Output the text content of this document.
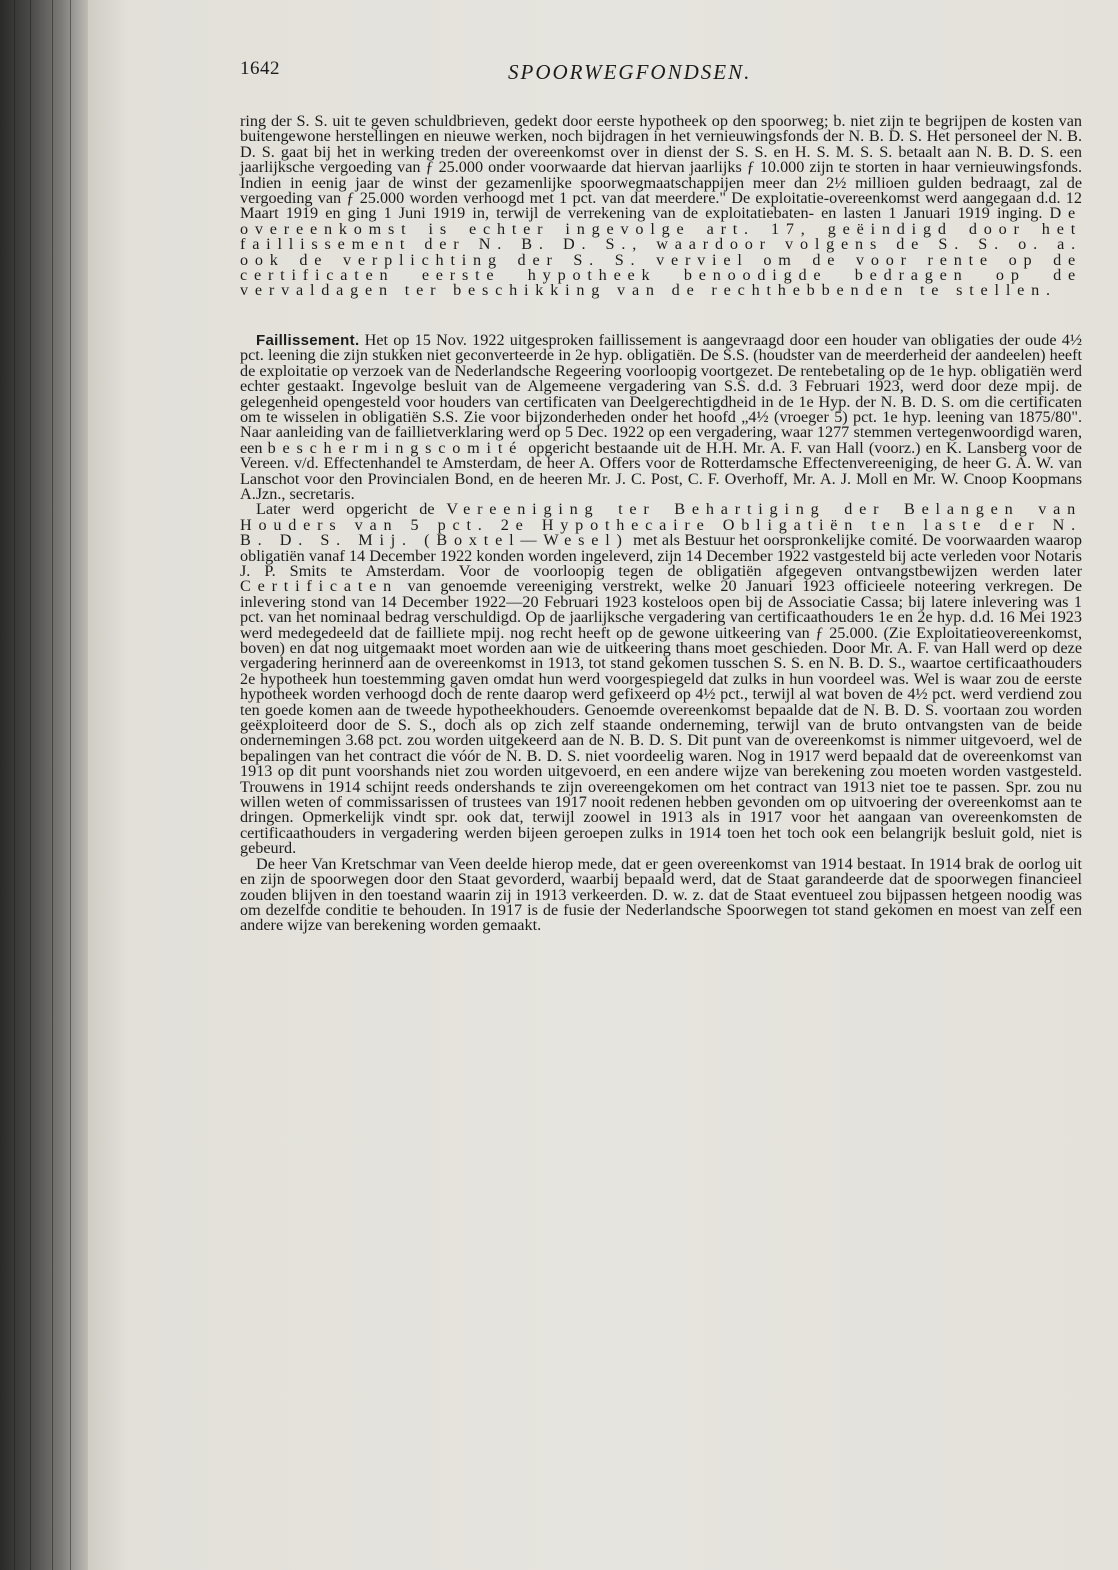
1642	SPOORWEGFONDSEN.

ring der S. S. uit te geven schuldbrieven, gedekt door eerste hypotheek op den spoorweg; b. niet zijn te begrijpen de kosten van buitengewone herstellingen en nieuwe werken, noch bijdragen in het vernieuwingsfonds der N. B. D. S. Het personeel der N. B. D. S. gaat bij het in werking treden der overeenkomst over in dienst der S. S. en H. S. M. S. S. betaalt aan N. B. D. S. een jaarlijksche vergoeding van ƒ 25.000 onder voorwaarde dat hiervan jaarlijks ƒ 10.000 zijn te storten in haar vernieuwingsfonds. Indien in eenig jaar de winst der gezamenlijke spoorwegmaatschappijen meer dan 2½ millioen gulden bedraagt, zal de vergoeding van ƒ 25.000 worden verhoogd met 1 pct. van dat meerdere." De exploitatie-overeenkomst werd aangegaan d.d. 12 Maart 1919 en ging 1 Juni 1919 in, terwijl de verrekening van de exploitatiebaten- en lasten 1 Januari 1919 inging. De overeenkomst is echter ingevolge art. 17, geëindigd door het faillissement der N. B. D. S., waardoor volgens de S. S. o. a. ook de verplichting der S. S. verviel om de voor rente op de certificaten eerste hypotheek benoodigde bedragen op de vervaldagen ter beschikking van de rechthebbenden te stellen.

Faillissement. Het op 15 Nov. 1922 uitgesproken faillissement is aangevraagd door een houder van obligaties der oude 4½ pct. leening die zijn stukken niet geconverteerde in 2e hyp. obligatiën. De S.S. (houdster van de meerderheid der aandeelen) heeft de exploitatie op verzoek van de Nederlandsche Regeering voorloopig voortgezet. De rentebetaling op de 1e hyp. obligatiën werd echter gestaakt. Ingevolge besluit van de Algemeene vergadering van S.S. d.d. 3 Februari 1923, werd door deze mpij. de gelegenheid opengesteld voor houders van certificaten van Deelgerechtigdheid in de 1e Hyp. der N. B. D. S. om die certificaten om te wisselen in obligatiën S.S. Zie voor bijzonderheden onder het hoofd „4½ (vroeger 5) pct. 1e hyp. leening van 1875/80". Naar aanleiding van de faillietverklaring werd op 5 Dec. 1922 op een vergadering, waar 1277 stemmen vertegenwoordigd waren, een beschermingscomité opgericht bestaande uit de H.H. Mr. A. F. van Hall (voorz.) en K. Lansberg voor de Vereen. v/d. Effectenhandel te Amsterdam, de heer A. Offers voor de Rotterdamsche Effectenvereeniging, de heer G. A. W. van Lanschot voor den Provincialen Bond, en de heeren Mr. J. C. Post, C. F. Overhoff, Mr. A. J. Moll en Mr. W. Cnoop Koopmans A.Jzn., secretaris.

Later werd opgericht de Vereeniging ter Behartiging der Belangen van Houders van 5 pct. 2e Hypothecaire Obligatiën ten laste der N. B. D. S. Mij. (Boxtel—Wesel) met als Bestuur het oorspronkelijke comité. De voorwaarden waarop obligatiën vanaf 14 December 1922 konden worden ingeleverd, zijn 14 December 1922 vastgesteld bij acte verleden voor Notaris J. P. Smits te Amsterdam. Voor de voorloopig tegen de obligatiën afgegeven ontvangstbewijzen werden later Certificaten van genoemde vereeniging verstrekt, welke 20 Januari 1923 officieele noteering verkregen. De inlevering stond van 14 December 1922—20 Februari 1923 kosteloos open bij de Associatie Cassa; bij latere inlevering was 1 pct. van het nominaal bedrag verschuldigd. Op de jaarlijksche vergadering van certificaathouders 1e en 2e hyp. d.d. 16 Mei 1923 werd medegedeeld dat de failliete mpij. nog recht heeft op de gewone uitkeering van ƒ 25.000. (Zie Exploitatieovereenkomst, boven) en dat nog uitgemaakt moet worden aan wie de uitkeering thans moet geschieden. Door Mr. A. F. van Hall werd op deze vergadering herinnerd aan de overeenkomst in 1913, tot stand gekomen tusschen S. S. en N. B. D. S., waartoe certificaathouders 2e hypotheek hun toestemming gaven omdat hun werd voorgespiegeld dat zulks in hun voordeel was. Wel is waar zou de eerste hypotheek worden verhoogd doch de rente daarop werd gefixeerd op 4½ pct., terwijl al wat boven de 4½ pct. werd verdiend zou ten goede komen aan de tweede hypotheekhouders. Genoemde overeenkomst bepaalde dat de N. B. D. S. voortaan zou worden geëxploiteerd door de S. S., doch als op zich zelf staande onderneming, terwijl van de bruto ontvangsten van de beide ondernemingen 3.68 pct. zou worden uitgekeerd aan de N. B. D. S. Dit punt van de overeenkomst is nimmer uitgevoerd, wel de bepalingen van het contract die vóór de N. B. D. S. niet voordeelig waren. Nog in 1917 werd bepaald dat de overeenkomst van 1913 op dit punt voorshands niet zou worden uitgevoerd, en een andere wijze van berekening zou moeten worden vastgesteld. Trouwens in 1914 schijnt reeds ondershands te zijn overeengekomen om het contract van 1913 niet toe te passen. Spr. zou nu willen weten of commissarissen of trustees van 1917 nooit redenen hebben gevonden om op uitvoering der overeenkomst aan te dringen. Opmerkelijk vindt spr. ook dat, terwijl zoowel in 1913 als in 1917 voor het aangaan van overeenkomsten de certificaathouders in vergadering werden bijeen geroepen zulks in 1914 toen het toch ook een belangrijk besluit gold, niet is gebeurd.

De heer Van Kretschmar van Veen deelde hierop mede, dat er geen overeenkomst van 1914 bestaat. In 1914 brak de oorlog uit en zijn de spoorwegen door den Staat gevorderd, waarbij bepaald werd, dat de Staat garandeerde dat de spoorwegen financieel zouden blijven in den toestand waarin zij in 1913 verkeerden. D. w. z. dat de Staat eventueel zou bijpassen hetgeen noodig was om dezelfde conditie te behouden. In 1917 is de fusie der Nederlandsche Spoorwegen tot stand gekomen en moest van zelf een andere wijze van berekening worden gemaakt.
